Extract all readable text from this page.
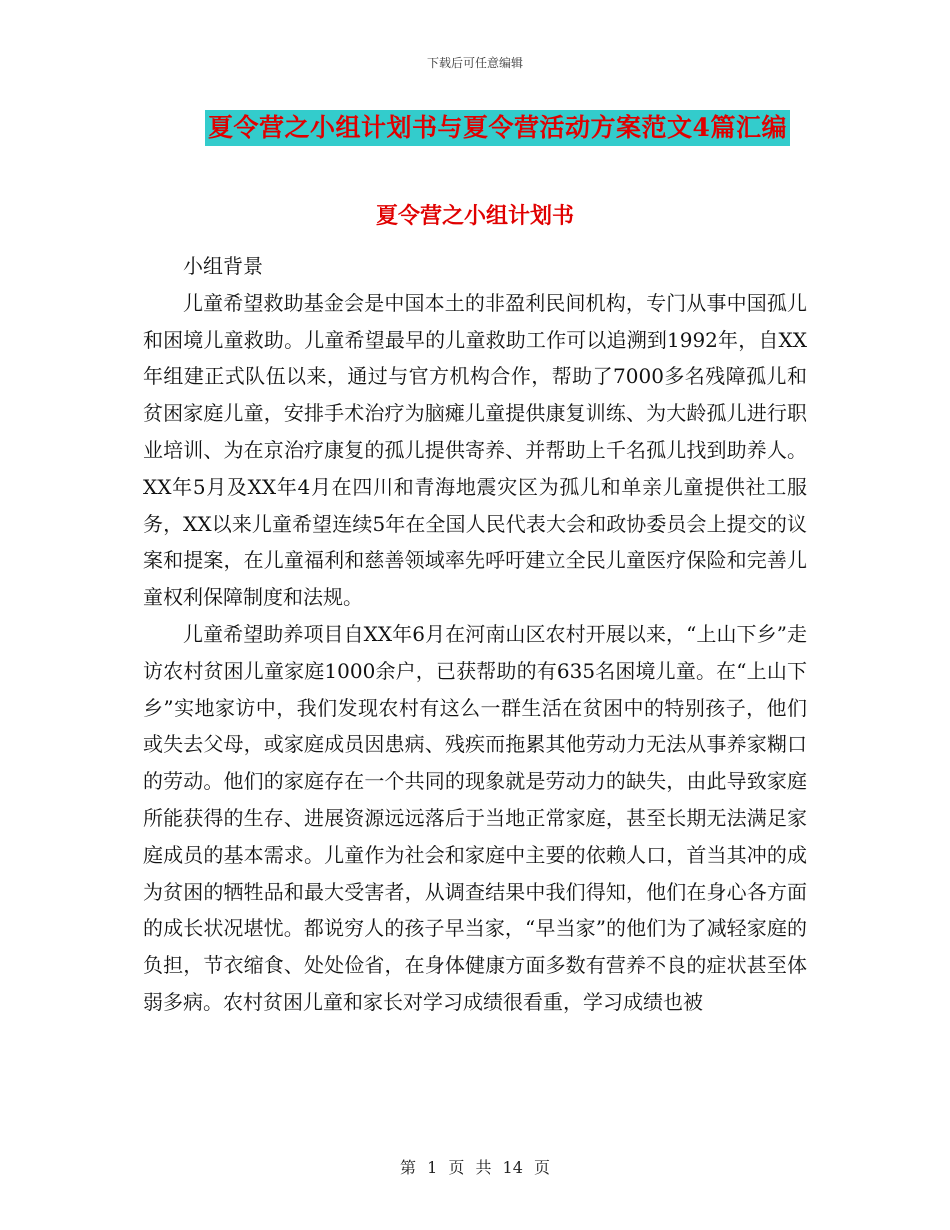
下载后可任意编辑
夏令营之小组计划书与夏令营活动方案范文4篇汇编
夏令营之小组计划书

小组背景

儿童希望救助基金会是中国本土的非盈利民间机构，专门从事中国孤儿和困境儿童救助。儿童希望最早的儿童救助工作可以追溯到1992年，自XX年组建正式队伍以来，通过与官方机构合作，帮助了7000多名残障孤儿和贫困家庭儿童，安排手术治疗为脑瘫儿童提供康复训练、为大龄孤儿进行职业培训、为在京治疗康复的孤儿提供寄养、并帮助上千名孤儿找到助养人。XX年5月及XX年4月在四川和青海地震灾区为孤儿和单亲儿童提供社工服务，XX以来儿童希望连续5年在全国人民代表大会和政协委员会上提交的议案和提案，在儿童福利和慈善领域率先呼吁建立全民儿童医疗保险和完善儿童权利保障制度和法规。

儿童希望助养项目自XX年6月在河南山区农村开展以来，“上山下乡”走访农村贫困儿童家庭1000余户，已获帮助的有635名困境儿童。在“上山下乡”实地家访中，我们发现农村有这么一群生活在贫困中的特别孩子，他们或失去父母，或家庭成员因患病、残疾而拖累其他劳动力无法从事养家糊口的劳动。他们的家庭存在一个共同的现象就是劳动力的缺失，由此导致家庭所能获得的生存、进展资源远远落后于当地正常家庭，甚至长期无法满足家庭成员的基本需求。儿童作为社会和家庭中主要的依赖人口，首当其冲的成为贫困的牺牲品和最大受害者，从调查结果中我们得知，他们在身心各方面的成长状况堪忧。都说穷人的孩子早当家，“早当家”的他们为了减轻家庭的负担，节衣缩食、处处俭省，在身体健康方面多数有营养不良的症状甚至体弱多病。农村贫困儿童和家长对学习成绩很看重，学习成绩也被

第 1 页 共 14 页
